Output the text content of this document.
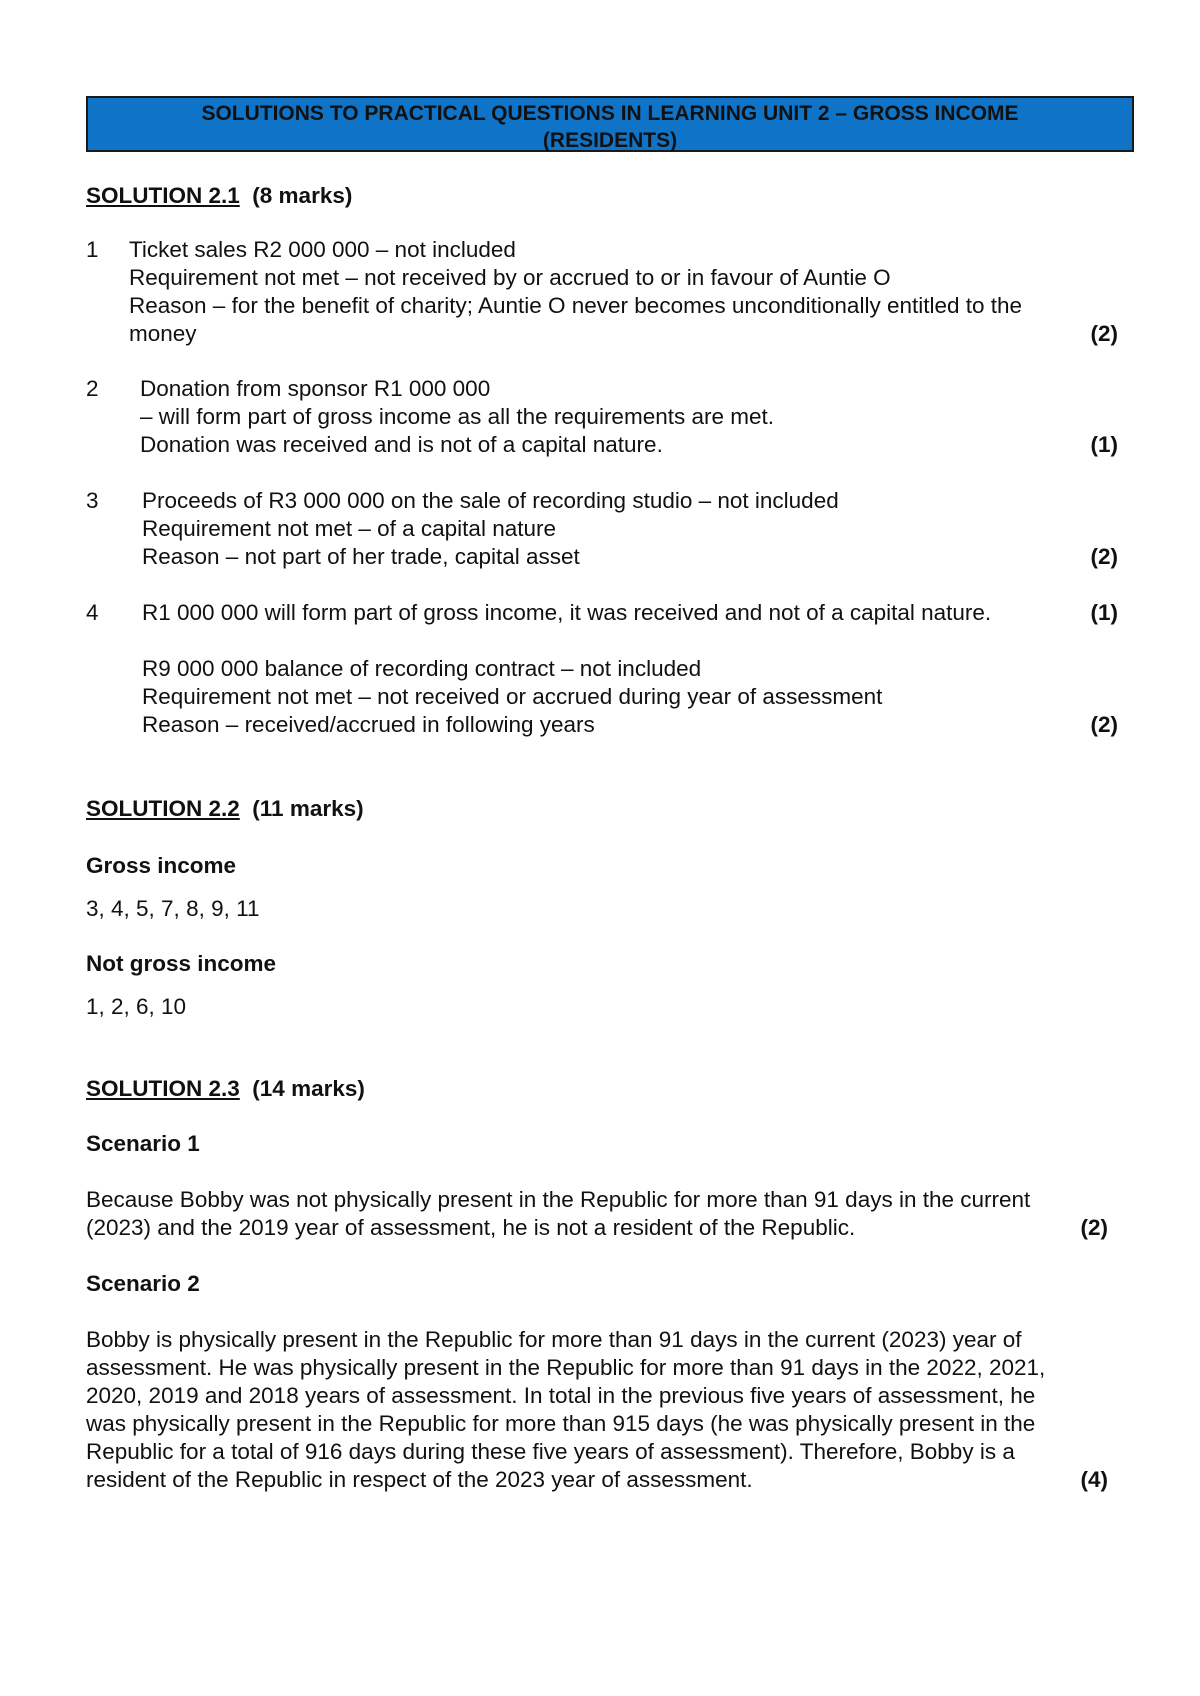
SOLUTIONS TO PRACTICAL QUESTIONS IN LEARNING UNIT 2 – GROSS INCOME
(RESIDENTS)
SOLUTION 2.1 (8 marks)
1 Ticket sales R2 000 000 – not included
Requirement not met – not received by or accrued to or in favour of Auntie O
Reason – for the benefit of charity; Auntie O never becomes unconditionally entitled to the
money	(2)
2 Donation from sponsor R1 000 000
– will form part of gross income as all the requirements are met.
Donation was received and is not of a capital nature.	(1)
3 Proceeds of R3 000 000 on the sale of recording studio – not included
Requirement not met – of a capital nature
Reason – not part of her trade, capital asset	(2)
4 R1 000 000 will form part of gross income, it was received and not of a capital nature.	(1)
R9 000 000 balance of recording contract – not included
Requirement not met – not received or accrued during year of assessment
Reason – received/accrued in following years	(2)
SOLUTION 2.2 (11 marks)
Gross income
3, 4, 5, 7, 8, 9, 11
Not gross income
1, 2, 6, 10
SOLUTION 2.3 (14 marks)
Scenario 1
Because Bobby was not physically present in the Republic for more than 91 days in the current
(2023) and the 2019 year of assessment, he is not a resident of the Republic.	(2)
Scenario 2
Bobby is physically present in the Republic for more than 91 days in the current (2023) year of
assessment. He was physically present in the Republic for more than 91 days in the 2022, 2021,
2020, 2019 and 2018 years of assessment. In total in the previous five years of assessment, he
was physically present in the Republic for more than 915 days (he was physically present in the
Republic for a total of 916 days during these five years of assessment). Therefore, Bobby is a
resident of the Republic in respect of the 2023 year of assessment.	(4)
